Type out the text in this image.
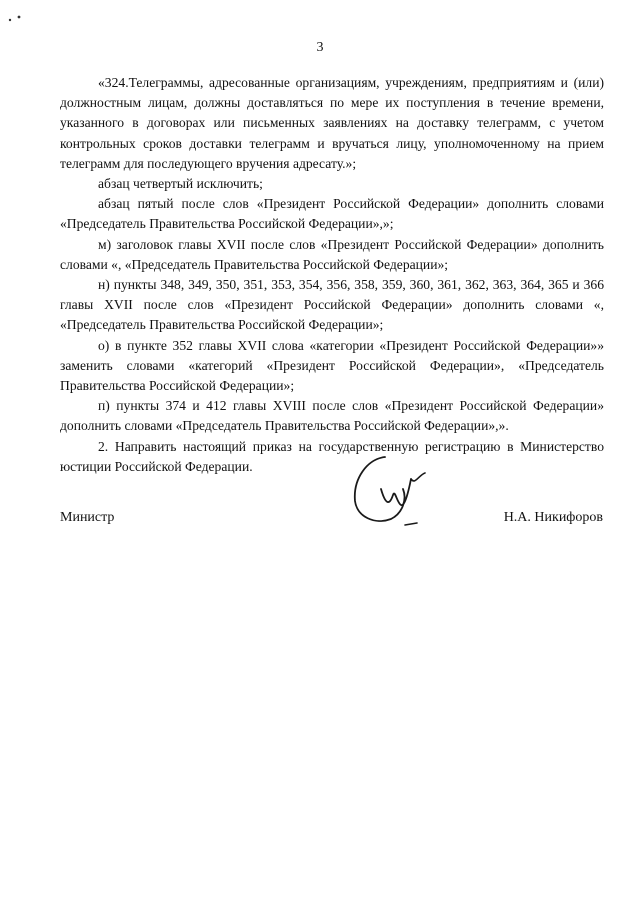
3

«324.Телеграммы, адресованные организациям, учреждениям, предприятиям и (или) должностным лицам, должны доставляться по мере их поступления в течение времени, указанного в договорах или письменных заявлениях на доставку телеграмм, с учетом контрольных сроков доставки телеграмм и вручаться лицу, уполномоченному на прием телеграмм для последующего вручения адресату.»;

абзац четвертый исключить;

абзац пятый после слов «Президент Российской Федерации» дополнить словами «Председатель Правительства Российской Федерации»,»;

м) заголовок главы XVII после слов «Президент Российской Федерации» дополнить словами «, «Председатель Правительства Российской Федерации»;

н) пункты 348, 349, 350, 351, 353, 354, 356, 358, 359, 360, 361, 362, 363, 364, 365 и 366 главы XVII после слов «Президент Российской Федерации» дополнить словами «, «Председатель Правительства Российской Федерации»;

о) в пункте 352 главы XVII слова «категории «Президент Российской Федерации»» заменить словами «категорий «Президент Российской Федерации», «Председатель Правительства Российской Федерации»;

п) пункты 374 и 412 главы XVIII после слов «Президент Российской Федерации» дополнить словами «Председатель Правительства Российской Федерации»,».

2. Направить настоящий приказ на государственную регистрацию в Министерство юстиции Российской Федерации.

Министр	Н.А. Никифоров
